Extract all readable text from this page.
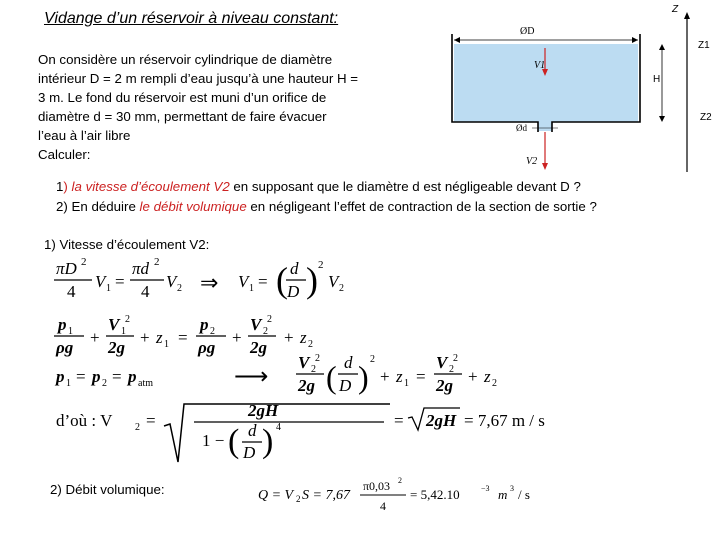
Vidange d’un réservoir à niveau constant:
On considère un réservoir cylindrique de diamètre
intérieur D = 2 m rempli d’eau jusqu’à une hauteur H =
3 m. Le fond du réservoir est muni d’un orifice de
diamètre d = 30 mm, permettant de faire évacuer
l’eau à l’air libre
Calculer:
ØD
Ød
V1
V2
H
Z
Z1
Z2
1) la vitesse d’écoulement V2 en supposant que le diamètre d est négligeable devant D ?
2) En déduire le débit volumique en négligeant l’effet de contraction de la section de sortie ?
1) Vitesse d’écoulement V2:
πD 2
4
V 1 =
πd 2
4
V 2 ⇒ V 1 = ( d
D ) 2
V 2
p 1
ρg
+
V 1
2
2g
+ z 1 =
p 2
ρg
+
V 2
2
2g
+ z 2
p 1 = p 2 = p atm	⟶
V 2
2
2g ( d
D ) 2
+ z 1 =
V 2
2
2g + z 2
d’où : V 2 =
2gH
1 − ( d
D ) 4	= 2gH = 7,67 m / s
Q = V 2 S = 7,67
π0,03 2
4
= 5,42.10	−3 m 3 / s
2) Débit volumique:
